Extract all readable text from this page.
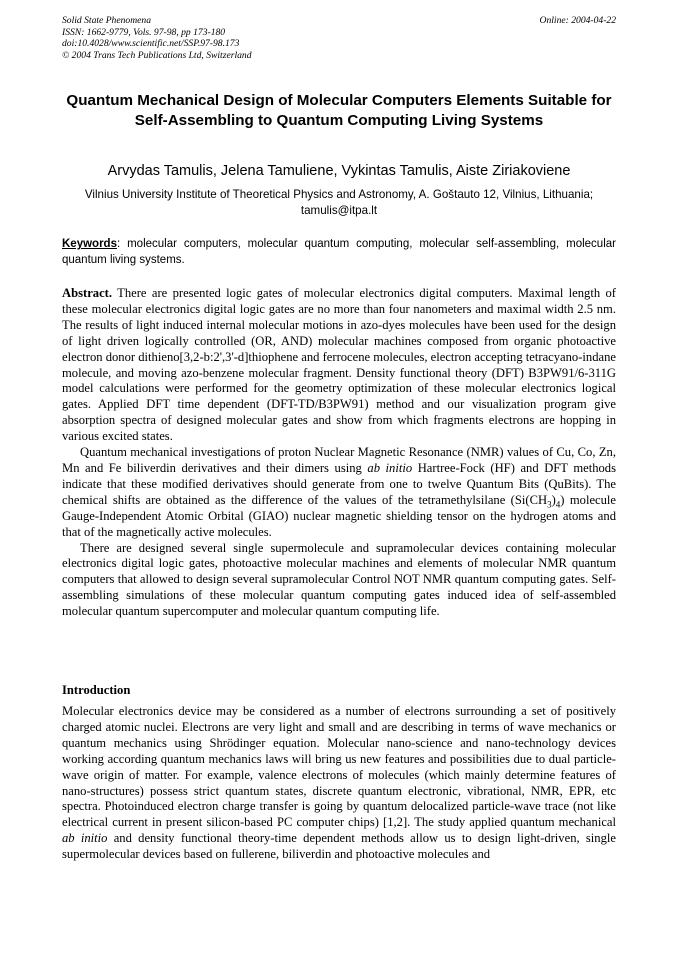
Solid State Phenomena
ISSN: 1662-9779, Vols. 97-98, pp 173-180
doi:10.4028/www.scientific.net/SSP.97-98.173
© 2004 Trans Tech Publications Ltd, Switzerland
Online: 2004-04-22
Quantum Mechanical Design of Molecular Computers Elements Suitable for Self-Assembling to Quantum Computing Living Systems
Arvydas Tamulis, Jelena Tamuliene, Vykintas Tamulis, Aiste Ziriakoviene
Vilnius University Institute of Theoretical Physics and Astronomy, A. Goštauto 12, Vilnius, Lithuania; tamulis@itpa.lt
Keywords: molecular computers, molecular quantum computing, molecular self-assembling, molecular quantum living systems.

Abstract. There are presented logic gates of molecular electronics digital computers. Maximal length of these molecular electronics digital logic gates are no more than four nanometers and maximal width 2.5 nm. The results of light induced internal molecular motions in azo-dyes molecules have been used for the design of light driven logically controlled (OR, AND) molecular machines composed from organic photoactive electron donor dithieno[3,2-b:2',3'-d]thiophene and ferrocene molecules, electron accepting tetracyano-indane molecule, and moving azo-benzene molecular fragment. Density functional theory (DFT) B3PW91/6-311G model calculations were performed for the geometry optimization of these molecular electronics logical gates. Applied DFT time dependent (DFT-TD/B3PW91) method and our visualization program give absorption spectra of designed molecular gates and show from which fragments electrons are hopping in various excited states.

Quantum mechanical investigations of proton Nuclear Magnetic Resonance (NMR) values of Cu, Co, Zn, Mn and Fe biliverdin derivatives and their dimers using ab initio Hartree-Fock (HF) and DFT methods indicate that these modified derivatives should generate from one to twelve Quantum Bits (QuBits). The chemical shifts are obtained as the difference of the values of the tetramethylsilane $(Si(CH_3)_4)$ molecule Gauge-Independent Atomic Orbital (GIAO) nuclear magnetic shielding tensor on the hydrogen atoms and that of the magnetically active molecules.

There are designed several single supermolecule and supramolecular devices containing molecular electronics digital logic gates, photoactive molecular machines and elements of molecular NMR quantum computers that allowed to design several supramolecular Control NOT NMR quantum computing gates. Self-assembling simulations of these molecular quantum computing gates induced idea of self-assembled molecular quantum supercomputer and molecular quantum computing life.

Introduction

Molecular electronics device may be considered as a number of electrons surrounding a set of positively charged atomic nuclei. Electrons are very light and small and are describing in terms of wave mechanics or quantum mechanics using Shrödinger equation. Molecular nano-science and nano-technology devices working according quantum mechanics laws will bring us new features and possibilities due to dual particle-wave origin of matter. For example, valence electrons of molecules (which mainly determine features of nano-structures) possess strict quantum states, discrete quantum electronic, vibrational, NMR, EPR, etc spectra. Photoinduced electron charge transfer is going by quantum delocalized particle-wave trace (not like electrical current in present silicon-based PC computer chips) [1,2]. The study applied quantum mechanical ab initio and density functional theory-time dependent methods allow us to design light-driven, single supermolecular devices based on fullerene, biliverdin and photoactive molecules and
